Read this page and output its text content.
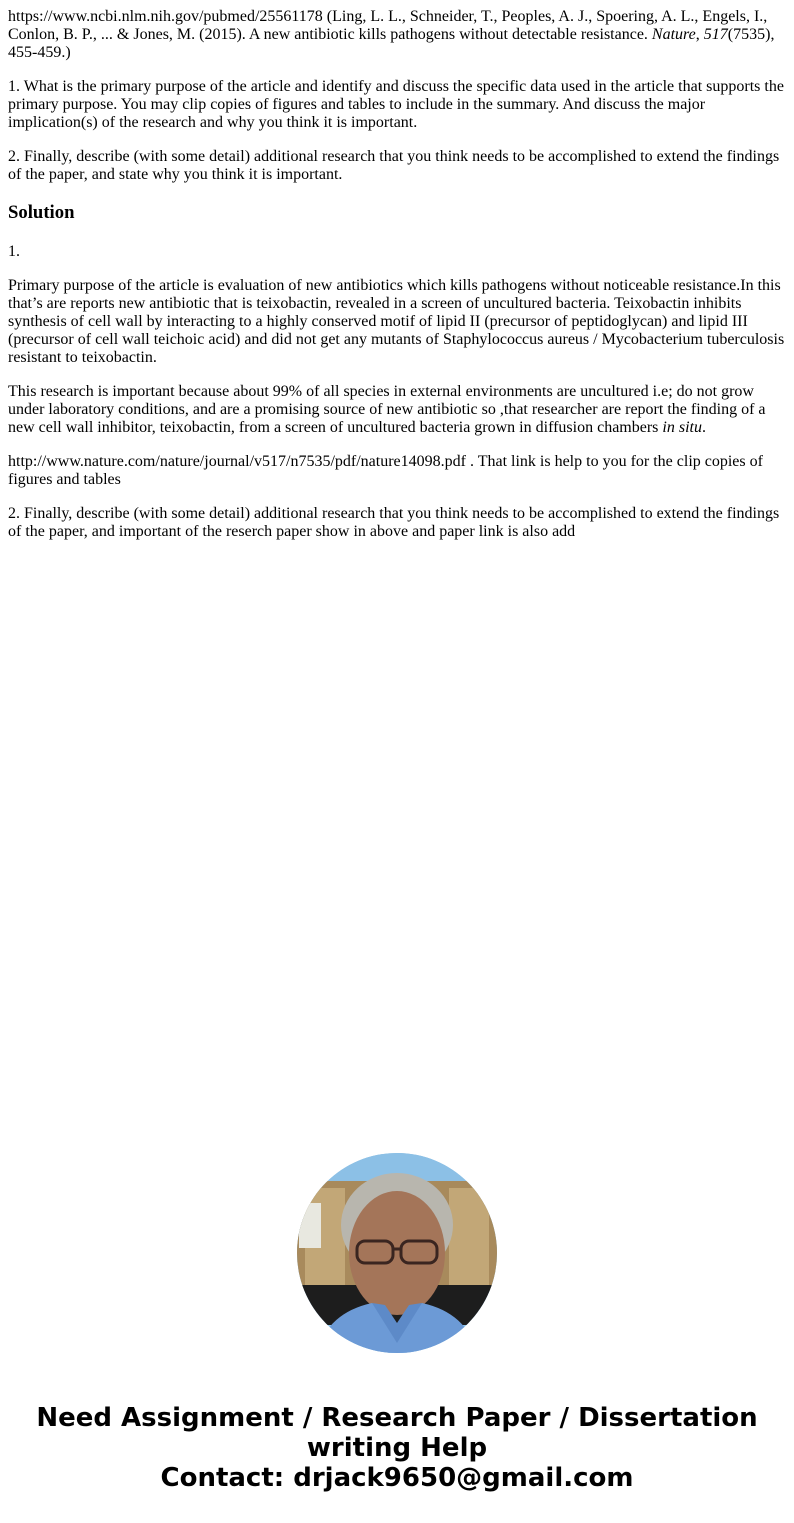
https://www.ncbi.nlm.nih.gov/pubmed/25561178 (Ling, L. L., Schneider, T., Peoples, A. J., Spoering, A. L., Engels, I., Conlon, B. P., ... & Jones, M. (2015). A new antibiotic kills pathogens without detectable resistance. Nature, 517(7535), 455-459.)

1. What is the primary purpose of the article and identify and discuss the specific data used in the article that supports the primary purpose. You may clip copies of figures and tables to include in the summary. And discuss the major implication(s) of the research and why you think it is important.

2. Finally, describe (with some detail) additional research that you think needs to be accomplished to extend the findings of the paper, and state why you think it is important.

Solution

1.

Primary purpose of the article is evaluation of new antibiotics which kills pathogens without noticeable resistance.In this that’s are reports new antibiotic that is teixobactin, revealed in a screen of uncultured bacteria. Teixobactin inhibits synthesis of cell wall by interacting to a highly conserved motif of lipid II (precursor of peptidoglycan) and lipid III (precursor of cell wall teichoic acid) and did not get any mutants of Staphylococcus aureus / Mycobacterium tuberculosis resistant to teixobactin.

This research is important because about 99% of all species in external environments are uncultured i.e; do not grow under laboratory conditions, and are a promising source of new antibiotic so ,that researcher are report the finding of a new cell wall inhibitor, teixobactin, from a screen of uncultured bacteria grown in diffusion chambers in situ.

http://www.nature.com/nature/journal/v517/n7535/pdf/nature14098.pdf . That link is help to you for the clip copies of figures and tables

2. Finally, describe (with some detail) additional research that you think needs to be accomplished to extend the findings of the paper, and important of the reserch paper show in above and paper link is also add

Need Assignment / Research Paper / Dissertation
writing Help
Contact: drjack9650@gmail.com
